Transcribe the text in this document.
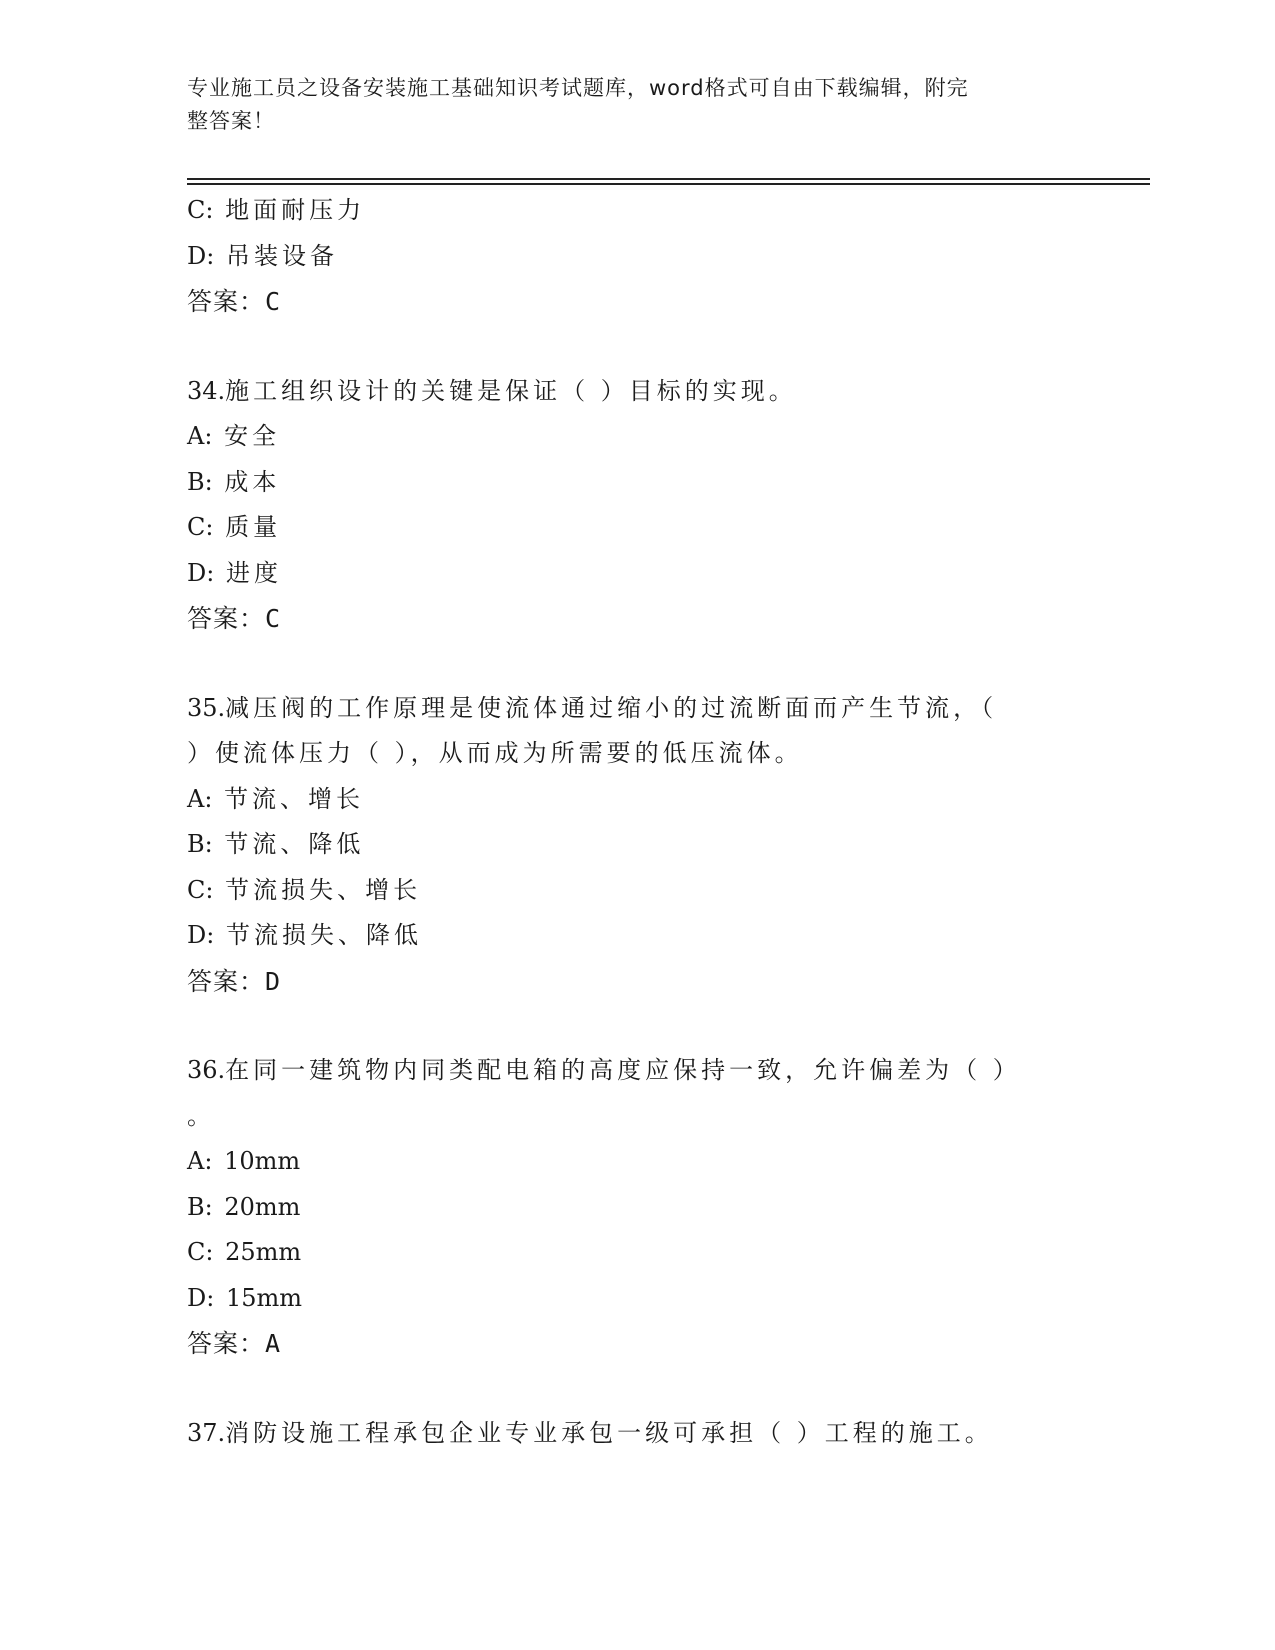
专业施工员之设备安装施工基础知识考试题库，word格式可自由下载编辑，附完
整答案！
C: 地面耐压力
D: 吊装设备
答案：C
34.施工组织设计的关键是保证（ ）目标的实现。
A: 安全
B: 成本
C: 质量
D: 进度
答案：C
35.减压阀的工作原理是使流体通过缩小的过流断面而产生节流，（
）使流体压力（ ），从而成为所需要的低压流体。
A: 节流、增长
B: 节流、降低
C: 节流损失、增长
D: 节流损失、降低
答案：D
36.在同一建筑物内同类配电箱的高度应保持一致，允许偏差为（ ）
。
A: 10mm
B: 20mm
C: 25mm
D: 15mm
答案：A
37.消防设施工程承包企业专业承包一级可承担（ ）工程的施工。
